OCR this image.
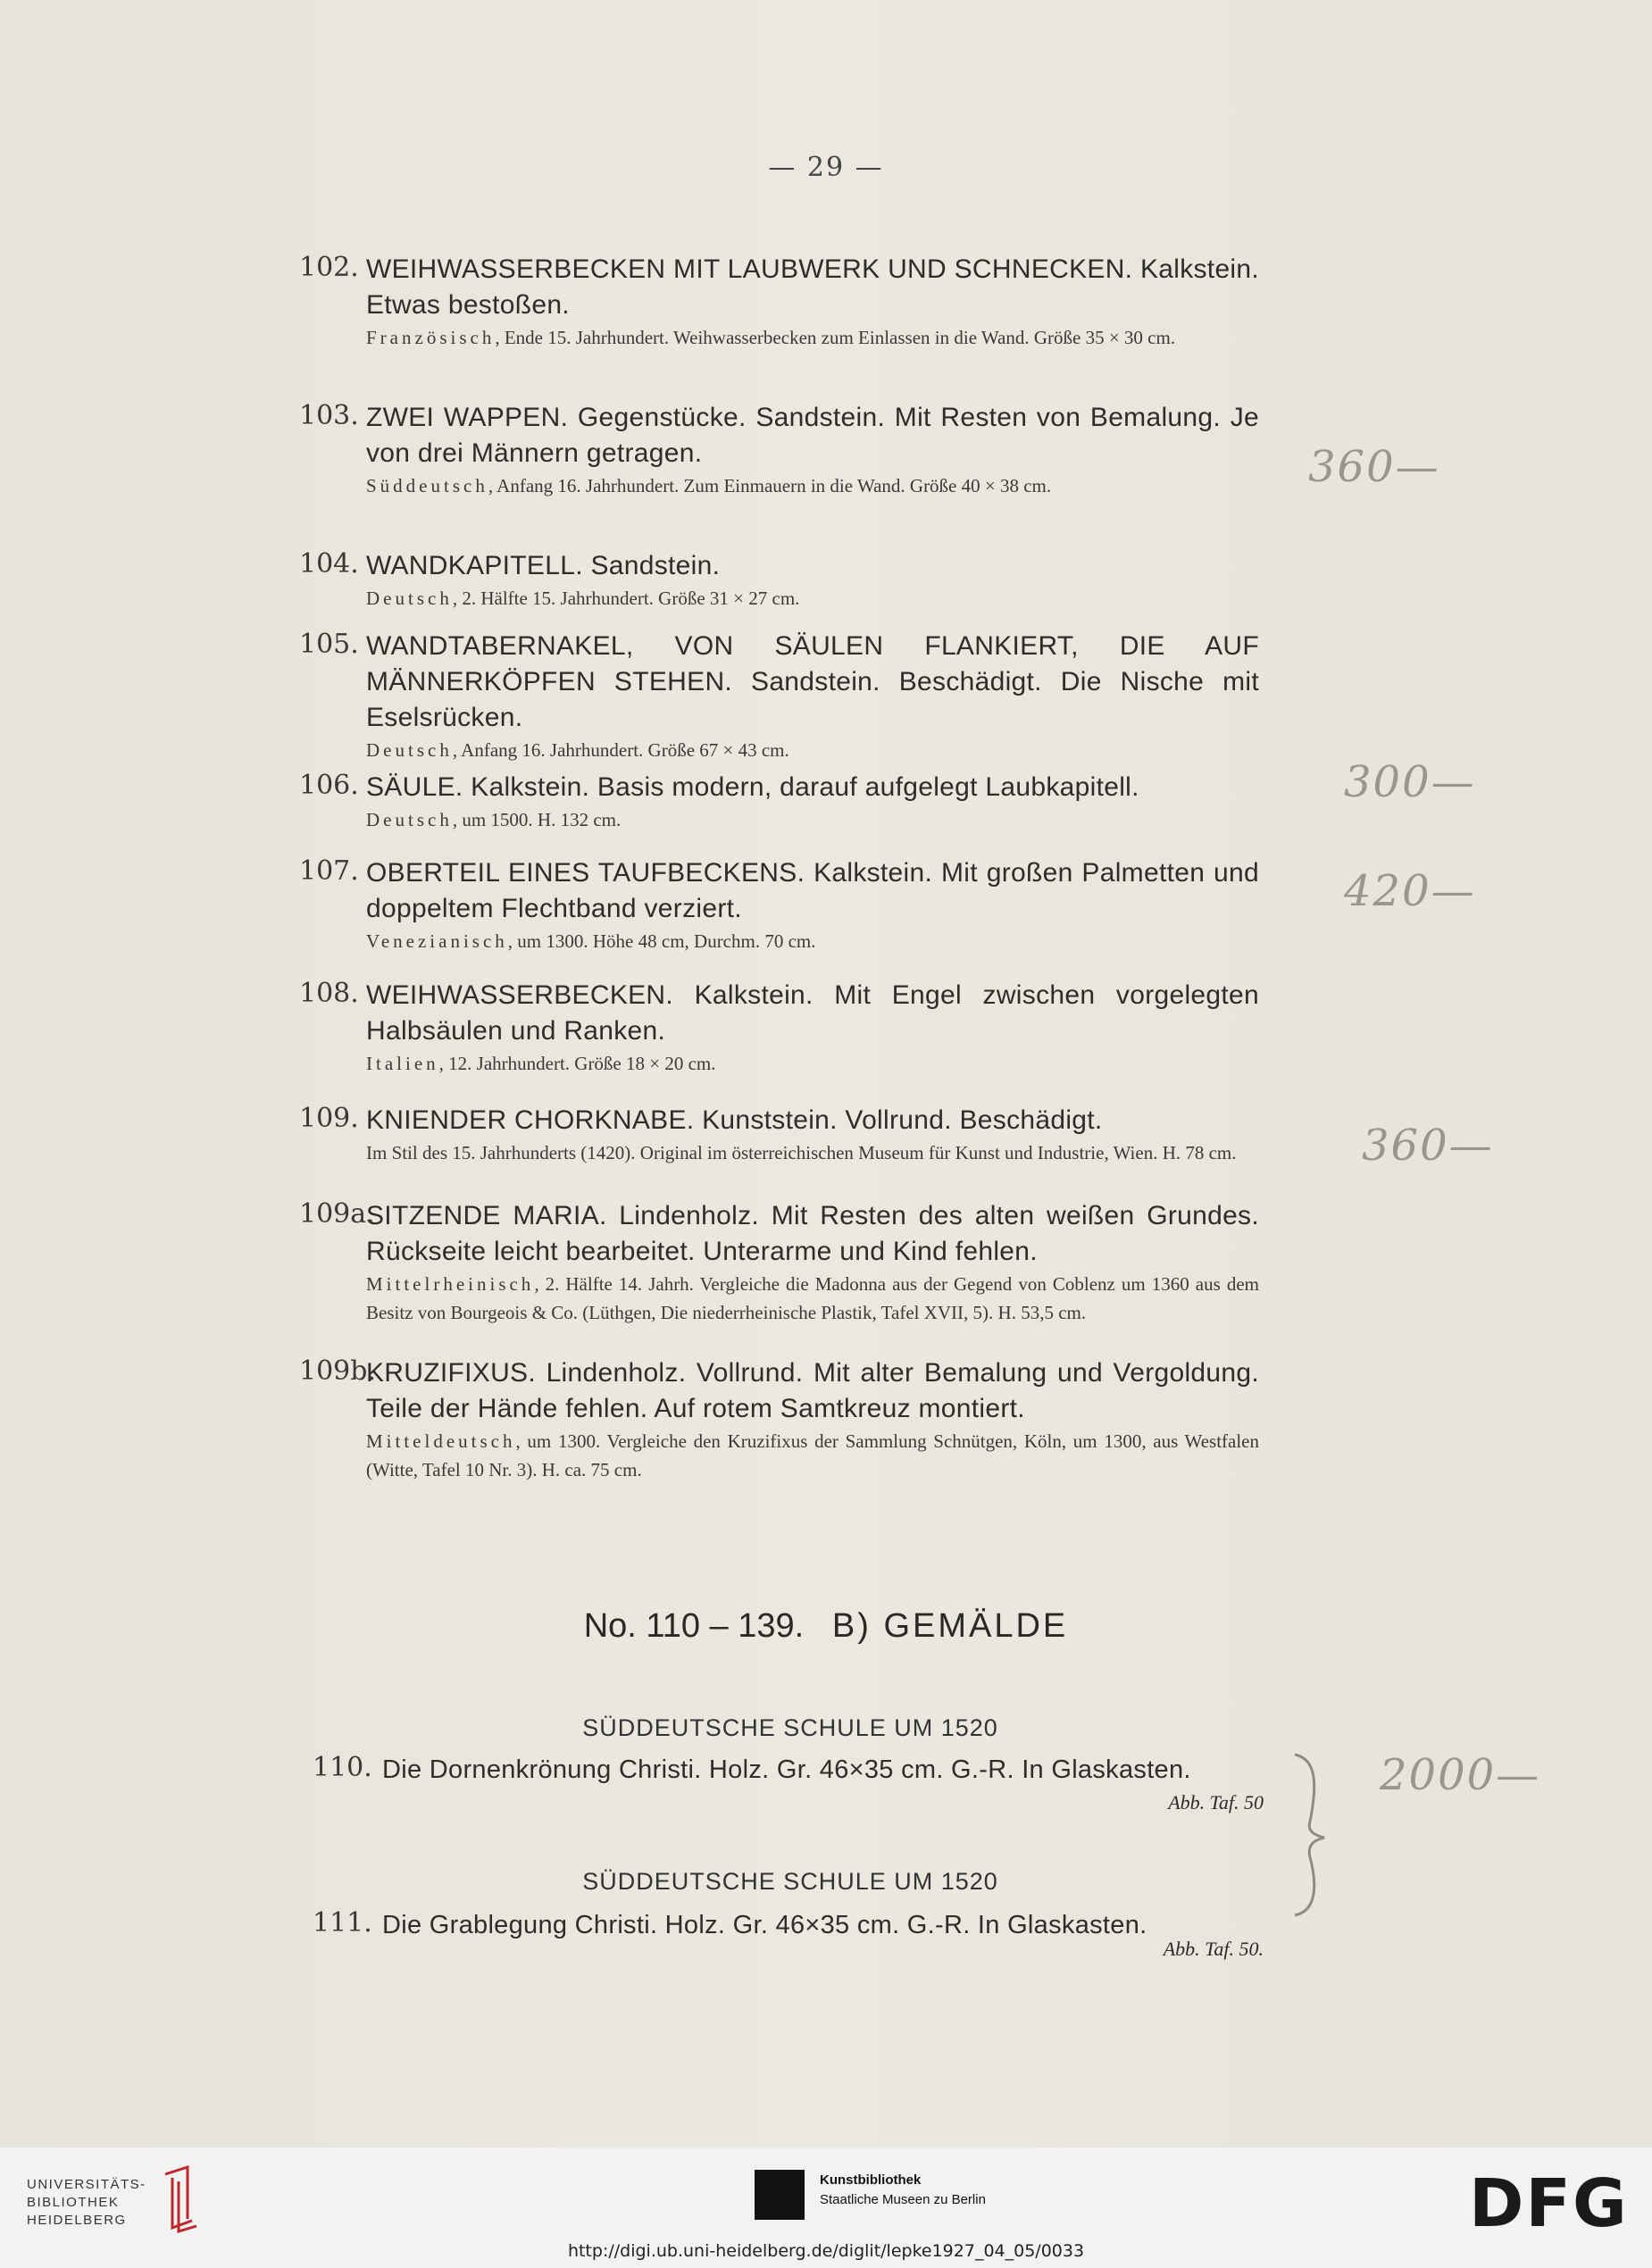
— 29 —
102. WEIHWASSERBECKEN MIT LAUBWERK UND SCHNECKEN. Kalkstein. Etwas bestoßen.
Französisch, Ende 15. Jahrhundert. Weihwasserbecken zum Einlassen in die Wand. Größe 35 × 30 cm.
103. ZWEI WAPPEN. Gegenstücke. Sandstein. Mit Resten von Bemalung. Je von drei Männern getragen.
Süddeutsch, Anfang 16. Jahrhundert. Zum Einmauern in die Wand. Größe 40 × 38 cm.
104. WANDKAPITELL. Sandstein.
Deutsch, 2. Hälfte 15. Jahrhundert. Größe 31 × 27 cm.
105. WANDTABERNAKEL, VON SÄULEN FLANKIERT, DIE AUF MÄNNERKÖPFEN STEHEN. Sandstein. Beschädigt. Die Nische mit Eselsrücken.
Deutsch, Anfang 16. Jahrhundert. Größe 67 × 43 cm.
106. SÄULE. Kalkstein. Basis modern, darauf aufgelegt Laubkapitell.
Deutsch, um 1500. H. 132 cm.
107. OBERTEIL EINES TAUFBECKENS. Kalkstein. Mit großen Palmetten und doppeltem Flechtband verziert.
Venezianisch, um 1300. Höhe 48 cm, Durchm. 70 cm.
108. WEIHWASSERBECKEN. Kalkstein. Mit Engel zwischen vorgelegten Halbsäulen und Ranken.
Italien, 12. Jahrhundert. Größe 18 × 20 cm.
109. KNIENDER CHORKNABE. Kunststein. Vollrund. Beschädigt.
Im Stil des 15. Jahrhunderts (1420). Original im österreichischen Museum für Kunst und Industrie, Wien. H. 78 cm.
109a.
SITZENDE MARIA. Lindenholz. Mit Resten des alten weißen Grundes. Rückseite leicht bearbeitet. Unterarme und Kind fehlen.
Mittelrheinisch, 2. Hälfte 14. Jahrh. Vergleiche die Madonna aus der Gegend von Coblenz um 1360 aus dem Besitz von Bourgeois & Co. (Lüthgen, Die niederrheinische Plastik, Tafel XVII, 5). H. 53,5 cm.
109b.
KRUZIFIXUS. Lindenholz. Vollrund. Mit alter Bemalung und Vergoldung. Teile der Hände fehlen. Auf rotem Samtkreuz montiert.
Mitteldeutsch, um 1300. Vergleiche den Kruzifixus der Sammlung Schnütgen, Köln, um 1300, aus Westfalen (Witte, Tafel 10 Nr. 3). H. ca. 75 cm.
360—
300—
420—
360—
2000—
No. 110 – 139. B) GEMÄLDE
SÜDDEUTSCHE SCHULE UM 1520
110. Die Dornenkrönung Christi. Holz. Gr. 46×35 cm. G.-R. In Glaskasten.
Abb. Taf. 50
SÜDDEUTSCHE SCHULE UM 1520
111. Die Grablegung Christi. Holz. Gr. 46×35 cm. G.-R. In Glaskasten.
Abb. Taf. 50.
UNIVERSITÄTS-
BIBLIOTHEK
HEIDELBERG
Kunstbibliothek
Staatliche Museen zu Berlin	DFG
http://digi.ub.uni-heidelberg.de/diglit/lepke1927_04_05/0033
